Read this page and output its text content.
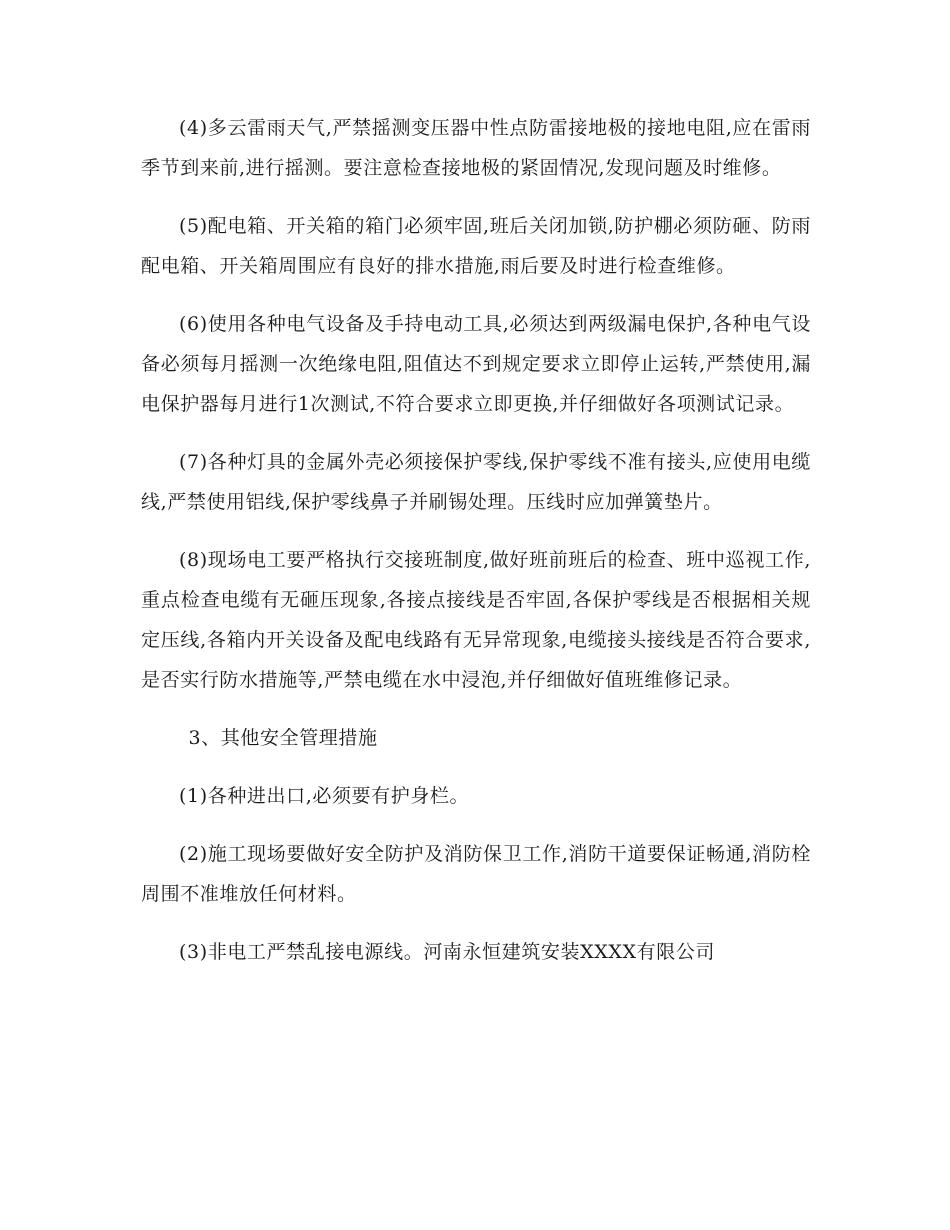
(4)多云雷雨天气,严禁摇测变压器中性点防雷接地极的接地电阻,应在雷雨季节到来前,进行摇测。要注意检查接地极的紧固情况,发现问题及时维修。

(5)配电箱、开关箱的箱门必须牢固,班后关闭加锁,防护棚必须防砸、防雨配电箱、开关箱周围应有良好的排水措施,雨后要及时进行检查维修。

(6)使用各种电气设备及手持电动工具,必须达到两级漏电保护,各种电气设备必须每月摇测一次绝缘电阻,阻值达不到规定要求立即停止运转,严禁使用,漏电保护器每月进行1次测试,不符合要求立即更换,并仔细做好各项测试记录。

(7)各种灯具的金属外壳必须接保护零线,保护零线不准有接头,应使用电缆线,严禁使用铝线,保护零线鼻子并刷锡处理。压线时应加弹簧垫片。

(8)现场电工要严格执行交接班制度,做好班前班后的检查、班中巡视工作,重点检查电缆有无砸压现象,各接点接线是否牢固,各保护零线是否根据相关规定压线,各箱内开关设备及配电线路有无异常现象,电缆接头接线是否符合要求,是否实行防水措施等,严禁电缆在水中浸泡,并仔细做好值班维修记录。

3、其他安全管理措施

(1)各种进出口,必须要有护身栏。

(2)施工现场要做好安全防护及消防保卫工作,消防干道要保证畅通,消防栓周围不准堆放任何材料。

(3)非电工严禁乱接电源线。河南永恒建筑安装XXXX有限公司
